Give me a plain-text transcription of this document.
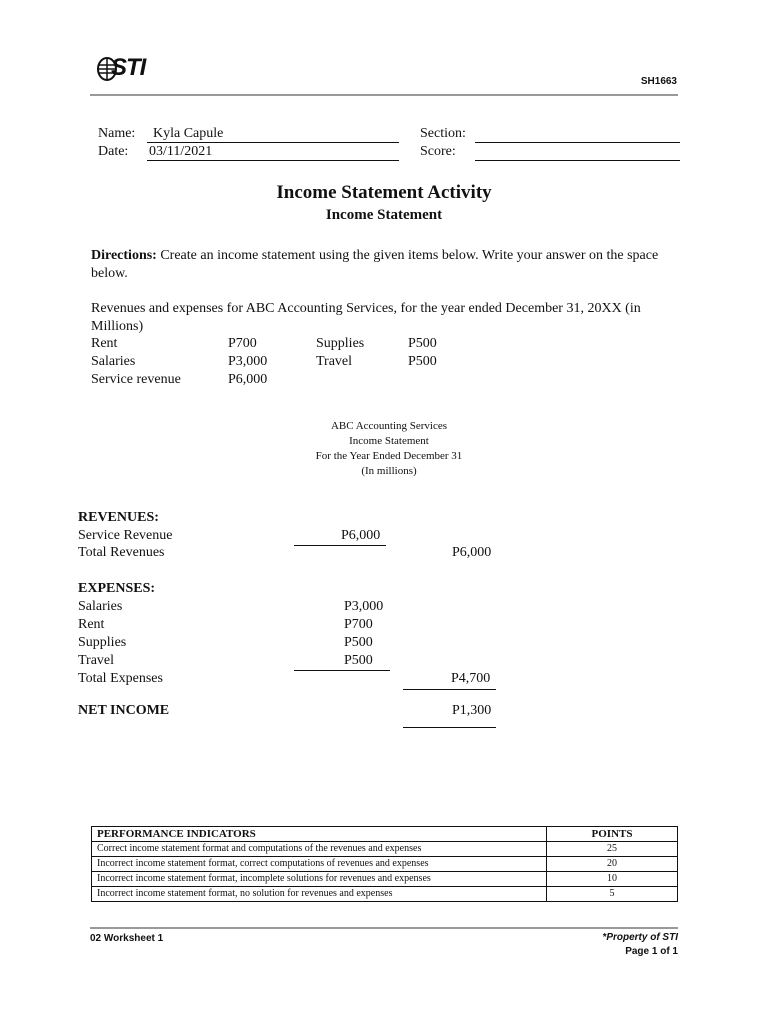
STI
SH1663
Name: Kyla Capule
Date: 03/11/2021
Section:
Score:
Income Statement Activity
Income Statement
Directions: Create an income statement using the given items below. Write your answer on the space below.
Revenues and expenses for ABC Accounting Services, for the year ended December 31, 20XX (in Millions)
Rent	P700	Supplies	P500
Salaries	P3,000	Travel	P500
Service revenue	P6,000
ABC Accounting Services
Income Statement
For the Year Ended December 31
(In millions)
REVENUES:
Service Revenue	P6,000
Total Revenues	P6,000
EXPENSES:
Salaries	P3,000
Rent	P700
Supplies	P500
Travel	P500
Total Expenses	P4,700
NET INCOME	P1,300
PERFORMANCE INDICATORS	POINTS
Correct income statement format and computations of the revenues and expenses	25
Incorrect income statement format, correct computations of revenues and expenses	20
Incorrect income statement format, incomplete solutions for revenues and expenses	10
Incorrect income statement format, no solution for revenues and expenses	5
02 Worksheet 1	*Property of STI
Page 1 of 1
